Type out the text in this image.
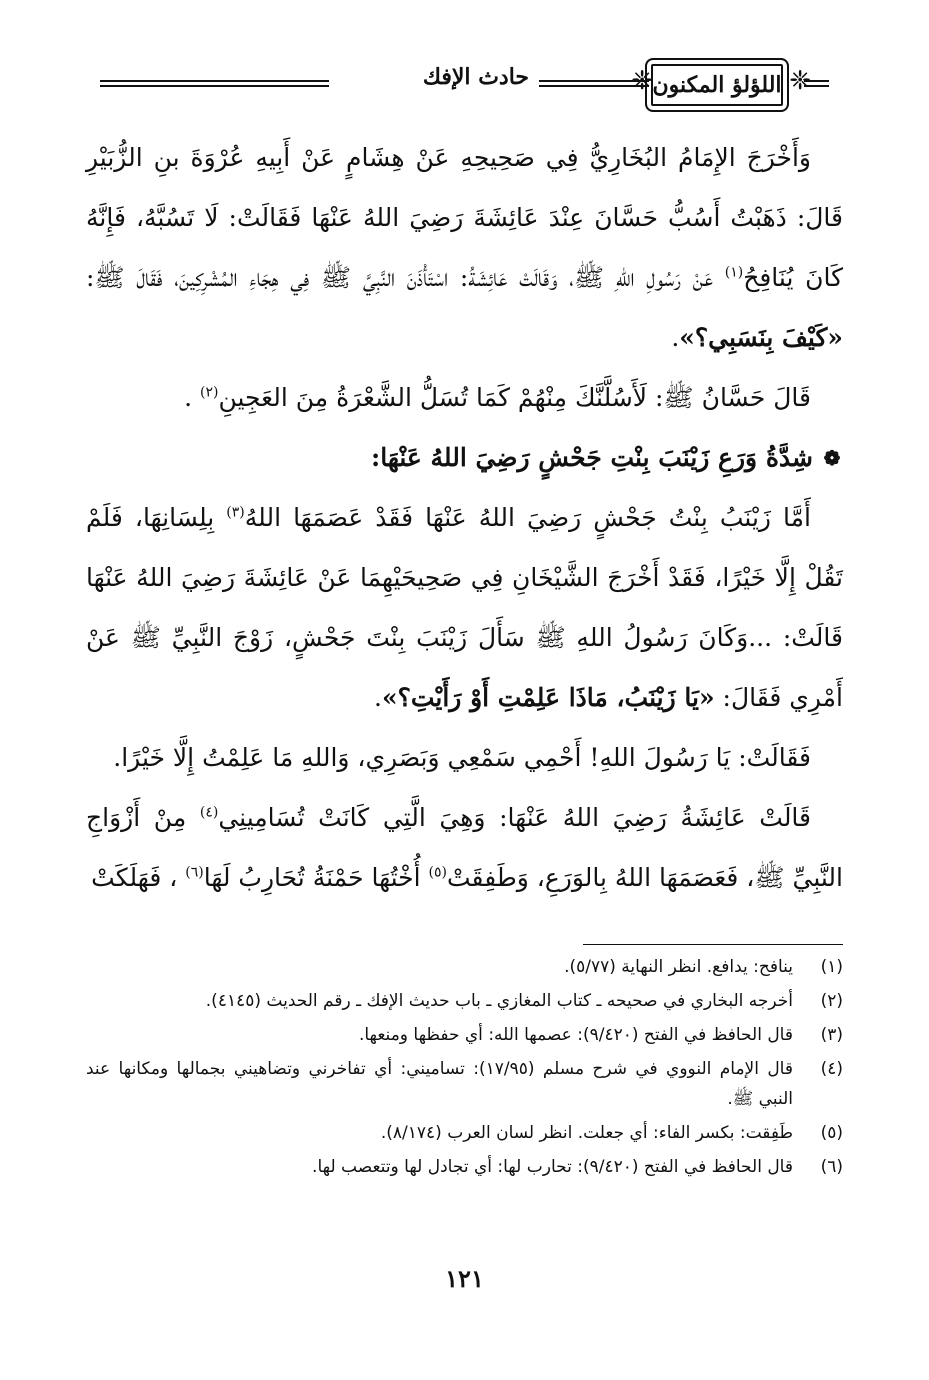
❈
اللؤلؤ المكنون
❈
حادث الإفك

وَأَخْرَجَ الإِمَامُ البُخَارِيُّ فِي صَحِيحِهِ عَنْ هِشَامٍ عَنْ أَبِيهِ عُرْوَةَ بنِ الزُّبَيْرِ قَالَ: ذَهَبْتُ أَسُبُّ حَسَّانَ عِنْدَ عَائِشَةَ رَضِيَ اللهُ عَنْهَا فَقَالَتْ: لَا تَسُبَّهُ، فَإِنَّهُ كَانَ يُنَافِحُ$^{(١)}$ عَنْ رَسُولِ اللهِ ﷺ، وَقَالَتْ عَائِشَةُ: اسْتَأْذَنَ النَّبِيَّ ﷺ فِي هِجَاءِ المُشْرِكِينَ، فَقَالَ ﷺ: «كَيْفَ بِنَسَبِي؟».

قَالَ حَسَّانُ ﷺ: لَأَسُلَّنَّكَ مِنْهُمْ كَمَا تُسَلُّ الشَّعْرَةُ مِنَ العَجِينِ$^{(٢)}$ .

❁
شِدَّةُ وَرَعِ زَيْنَبَ بِنْتِ جَحْشٍ رَضِيَ اللهُ عَنْهَا:

أَمَّا زَيْنَبُ بِنْتُ جَحْشٍ رَضِيَ اللهُ عَنْهَا فَقَدْ عَصَمَهَا اللهُ$^{(٣)}$ بِلِسَانِهَا، فَلَمْ تَقُلْ إِلَّا خَيْرًا، فَقَدْ أَخْرَجَ الشَّيْخَانِ فِي صَحِيحَيْهِمَا عَنْ عَائِشَةَ رَضِيَ اللهُ عَنْهَا قَالَتْ: ...وَكَانَ رَسُولُ اللهِ ﷺ سَأَلَ زَيْنَبَ بِنْتَ جَحْشٍ، زَوْجَ النَّبِيِّ ﷺ عَنْ أَمْرِي فَقَالَ: «يَا زَيْنَبُ، مَاذَا عَلِمْتِ أَوْ رَأَيْتِ؟».

فَقَالَتْ: يَا رَسُولَ اللهِ! أَحْمِي سَمْعِي وَبَصَرِي، وَاللهِ مَا عَلِمْتُ إِلَّا خَيْرًا.

قَالَتْ عَائِشَةُ رَضِيَ اللهُ عَنْهَا: وَهِيَ الَّتِي كَانَتْ تُسَامِينِي$^{(٤)}$ مِنْ أَزْوَاجِ النَّبِيِّ ﷺ، فَعَصَمَهَا اللهُ بِالوَرَعِ، وَطَفِقَتْ$^{(٥)}$ أُخْتُهَا حَمْنَةُ تُحَارِبُ لَهَا$^{(٦)}$ ، فَهَلَكَتْ

(١)
ينافح: يدافع. انظر النهاية (٥/٧٧).
(٢)
أخرجه البخاري في صحيحه ـ كتاب المغازي ـ باب حديث الإفك ـ رقم الحديث (٤١٤٥).
(٣)
قال الحافظ في الفتح (٩/٤٢٠): عصمها الله: أي حفظها ومنعها.
(٤)
قال الإمام النووي في شرح مسلم (١٧/٩٥): تساميني: أي تفاخرني وتضاهيني بجمالها ومكانها عند النبي ﷺ.
(٥)
طَفِقت: بكسر الفاء: أي جعلت. انظر لسان العرب (٨/١٧٤).
(٦)
قال الحافظ في الفتح (٩/٤٢٠): تحارب لها: أي تجادل لها وتتعصب لها.
١٢١
